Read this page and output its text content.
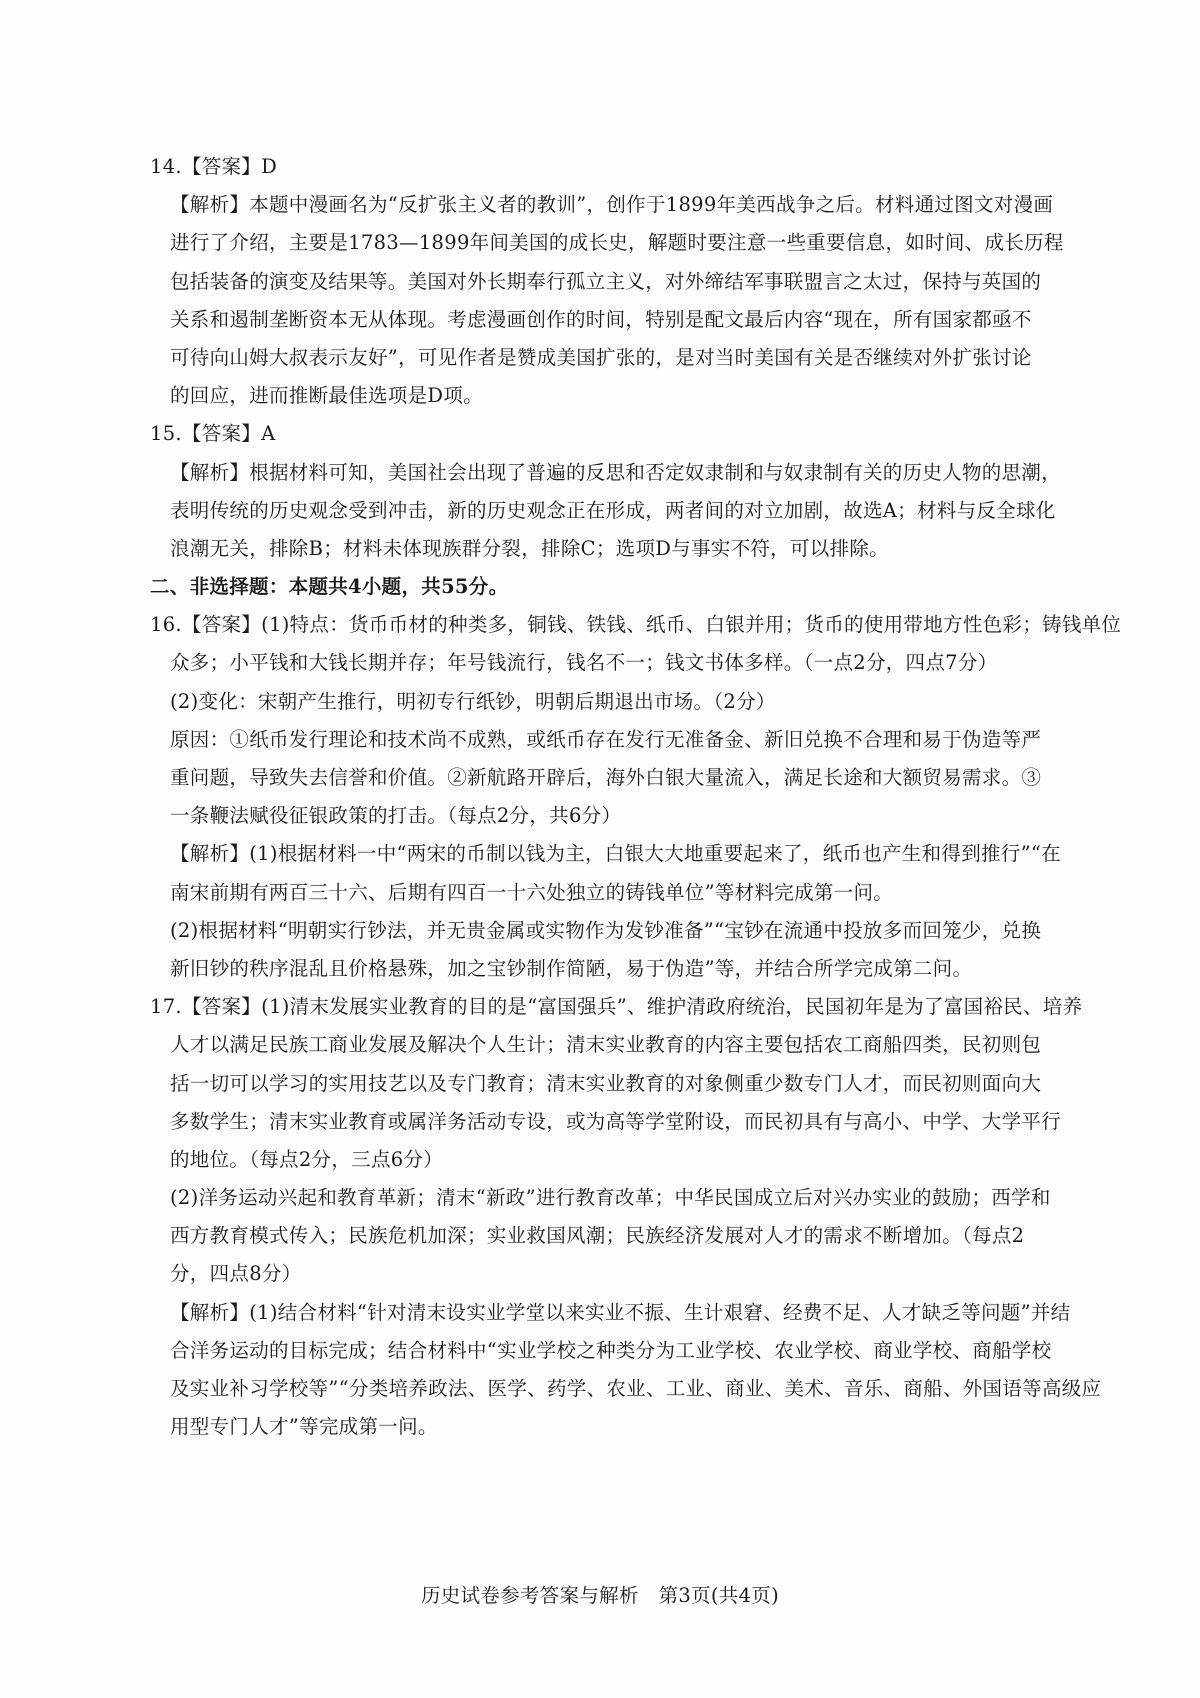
14.【答案】D
【解析】本题中漫画名为“反扩张主义者的教训”，创作于1899年美西战争之后。材料通过图文对漫画
进行了介绍，主要是1783—1899年间美国的成长史，解题时要注意一些重要信息，如时间、成长历程
包括装备的演变及结果等。美国对外长期奉行孤立主义，对外缔结军事联盟言之太过，保持与英国的
关系和遏制垄断资本无从体现。考虑漫画创作的时间，特别是配文最后内容“现在，所有国家都亟不
可待向山姆大叔表示友好”，可见作者是赞成美国扩张的，是对当时美国有关是否继续对外扩张讨论
的回应，进而推断最佳选项是D项。
15.【答案】A
【解析】根据材料可知，美国社会出现了普遍的反思和否定奴隶制和与奴隶制有关的历史人物的思潮，
表明传统的历史观念受到冲击，新的历史观念正在形成，两者间的对立加剧，故选A；材料与反全球化
浪潮无关，排除B；材料未体现族群分裂，排除C；选项D与事实不符，可以排除。
二、非选择题：本题共4小题，共55分。
16.【答案】(1)特点：货币币材的种类多，铜钱、铁钱、纸币、白银并用；货币的使用带地方性色彩；铸钱单位
众多；小平钱和大钱长期并存；年号钱流行，钱名不一；钱文书体多样。（一点2分，四点7分）
(2)变化：宋朝产生推行，明初专行纸钞，明朝后期退出市场。（2分）
原因：①纸币发行理论和技术尚不成熟，或纸币存在发行无准备金、新旧兑换不合理和易于伪造等严
重问题，导致失去信誉和价值。②新航路开辟后，海外白银大量流入，满足长途和大额贸易需求。③
一条鞭法赋役征银政策的打击。（每点2分，共6分）
【解析】(1)根据材料一中“两宋的币制以钱为主，白银大大地重要起来了，纸币也产生和得到推行”“在
南宋前期有两百三十六、后期有四百一十六处独立的铸钱单位”等材料完成第一问。
(2)根据材料“明朝实行钞法，并无贵金属或实物作为发钞准备”“宝钞在流通中投放多而回笼少，兑换
新旧钞的秩序混乱且价格悬殊，加之宝钞制作简陋，易于伪造”等，并结合所学完成第二问。
17.【答案】(1)清末发展实业教育的目的是“富国强兵”、维护清政府统治，民国初年是为了富国裕民、培养
人才以满足民族工商业发展及解决个人生计；清末实业教育的内容主要包括农工商船四类，民初则包
括一切可以学习的实用技艺以及专门教育；清末实业教育的对象侧重少数专门人才，而民初则面向大
多数学生；清末实业教育或属洋务活动专设，或为高等学堂附设，而民初具有与高小、中学、大学平行
的地位。（每点2分，三点6分）
(2)洋务运动兴起和教育革新；清末“新政”进行教育改革；中华民国成立后对兴办实业的鼓励；西学和
西方教育模式传入；民族危机加深；实业救国风潮；民族经济发展对人才的需求不断增加。（每点2
分，四点8分）
【解析】(1)结合材料“针对清末设实业学堂以来实业不振、生计艰窘、经费不足、人才缺乏等问题”并结
合洋务运动的目标完成；结合材料中“实业学校之种类分为工业学校、农业学校、商业学校、商船学校
及实业补习学校等”“分类培养政法、医学、药学、农业、工业、商业、美术、音乐、商船、外国语等高级应
用型专门人才”等完成第一问。
历史试卷参考答案与解析　第3页(共4页)
